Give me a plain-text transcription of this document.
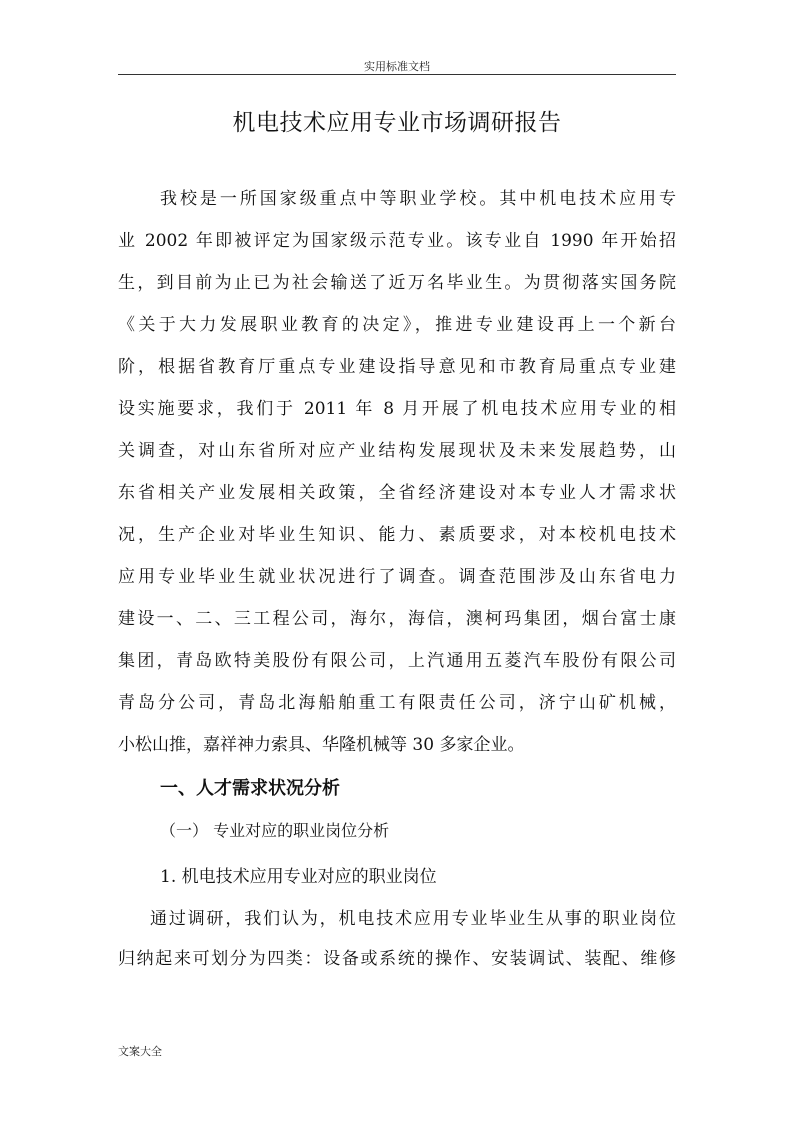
实用标准文档
机电技术应用专业市场调研报告
我校是一所国家级重点中等职业学校。其中机电技术应用专
业 2002 年即被评定为国家级示范专业。该专业自 1990 年开始招
生，到目前为止已为社会输送了近万名毕业生。为贯彻落实国务院
《关于大力发展职业教育的决定》，推进专业建设再上一个新台
阶，根据省教育厅重点专业建设指导意见和市教育局重点专业建
设实施要求，我们于 2011 年 8 月开展了机电技术应用专业的相
关调查，对山东省所对应产业结构发展现状及未来发展趋势，山
东省相关产业发展相关政策，全省经济建设对本专业人才需求状
况，生产企业对毕业生知识、能力、素质要求，对本校机电技术
应用专业毕业生就业状况进行了调查。调查范围涉及山东省电力
建设一、二、三工程公司，海尔，海信，澳柯玛集团，烟台富士康
集团，青岛欧特美股份有限公司，上汽通用五菱汽车股份有限公司
青岛分公司，青岛北海船舶重工有限责任公司，济宁山矿机械，
小松山推，嘉祥神力索具、华隆机械等 30 多家企业。
一、人才需求状况分析
（一） 专业对应的职业岗位分析
1. 机电技术应用专业对应的职业岗位
通过调研，我们认为，机电技术应用专业毕业生从事的职业岗位
归纳起来可划分为四类：设备或系统的操作、安装调试、装配、维修
文案大全
